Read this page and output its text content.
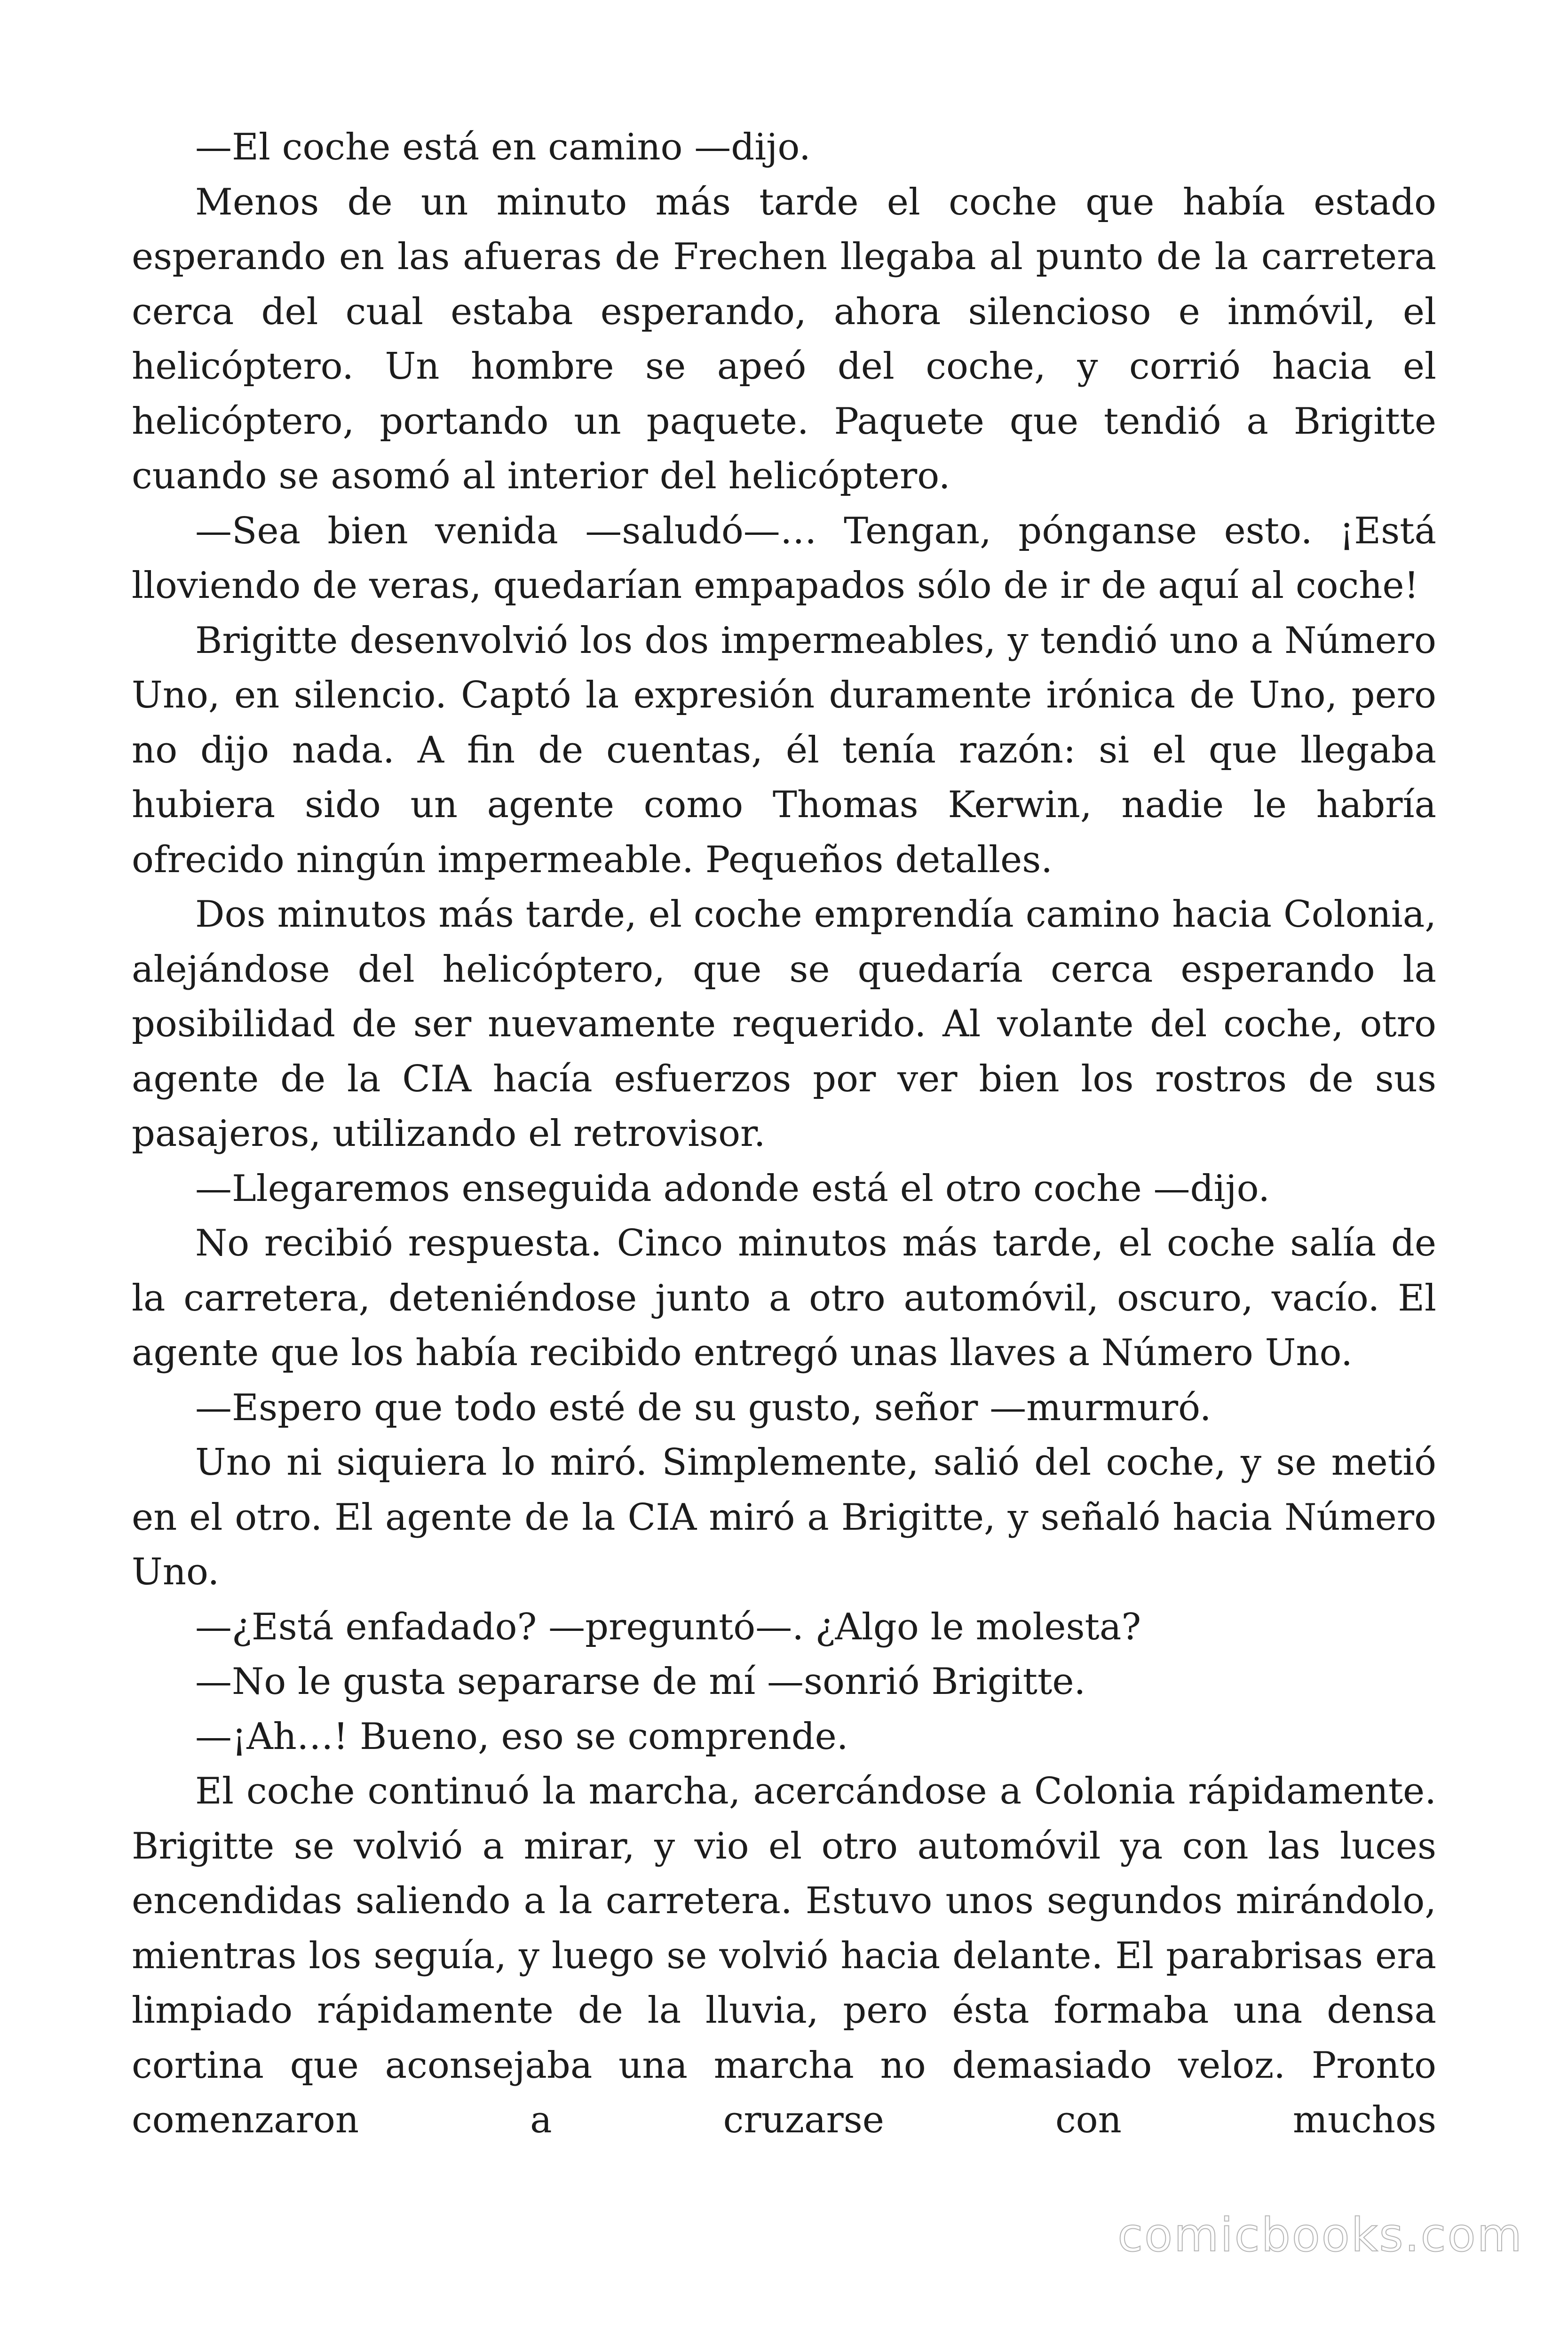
—El coche está en camino —dijo.

Menos de un minuto más tarde el coche que había estado esperando en las afueras de Frechen llegaba al punto de la carretera cerca del cual estaba esperando, ahora silencioso e inmóvil, el helicóptero. Un hombre se apeó del coche, y corrió hacia el helicóptero, portando un paquete. Paquete que tendió a Brigitte cuando se asomó al interior del helicóptero.

—Sea bien venida —saludó—… Tengan, pónganse esto. ¡Está lloviendo de veras, quedarían empapados sólo de ir de aquí al coche!

Brigitte desenvolvió los dos impermeables, y tendió uno a Número Uno, en silencio. Captó la expresión duramente irónica de Uno, pero no dijo nada. A fin de cuentas, él tenía razón: si el que llegaba hubiera sido un agente como Thomas Kerwin, nadie le habría ofrecido ningún impermeable. Pequeños detalles.

Dos minutos más tarde, el coche emprendía camino hacia Colonia, alejándose del helicóptero, que se quedaría cerca esperando la posibilidad de ser nuevamente requerido. Al volante del coche, otro agente de la CIA hacía esfuerzos por ver bien los rostros de sus pasajeros, utilizando el retrovisor.

—Llegaremos enseguida adonde está el otro coche —dijo.

No recibió respuesta. Cinco minutos más tarde, el coche salía de la carretera, deteniéndose junto a otro automóvil, oscuro, vacío. El agente que los había recibido entregó unas llaves a Número Uno.

—Espero que todo esté de su gusto, señor —murmuró.

Uno ni siquiera lo miró. Simplemente, salió del coche, y se metió en el otro. El agente de la CIA miró a Brigitte, y señaló hacia Número Uno.

—¿Está enfadado? —preguntó—. ¿Algo le molesta?

—No le gusta separarse de mí —sonrió Brigitte.

—¡Ah…! Bueno, eso se comprende.

El coche continuó la marcha, acercándose a Colonia rápidamente. Brigitte se volvió a mirar, y vio el otro automóvil ya con las luces encendidas saliendo a la carretera. Estuvo unos segundos mirándolo, mientras los seguía, y luego se volvió hacia delante. El parabrisas era limpiado rápidamente de la lluvia, pero ésta formaba una densa cortina que aconsejaba una marcha no demasiado veloz. Pronto comenzaron a cruzarse con muchos

comicbooks.com
